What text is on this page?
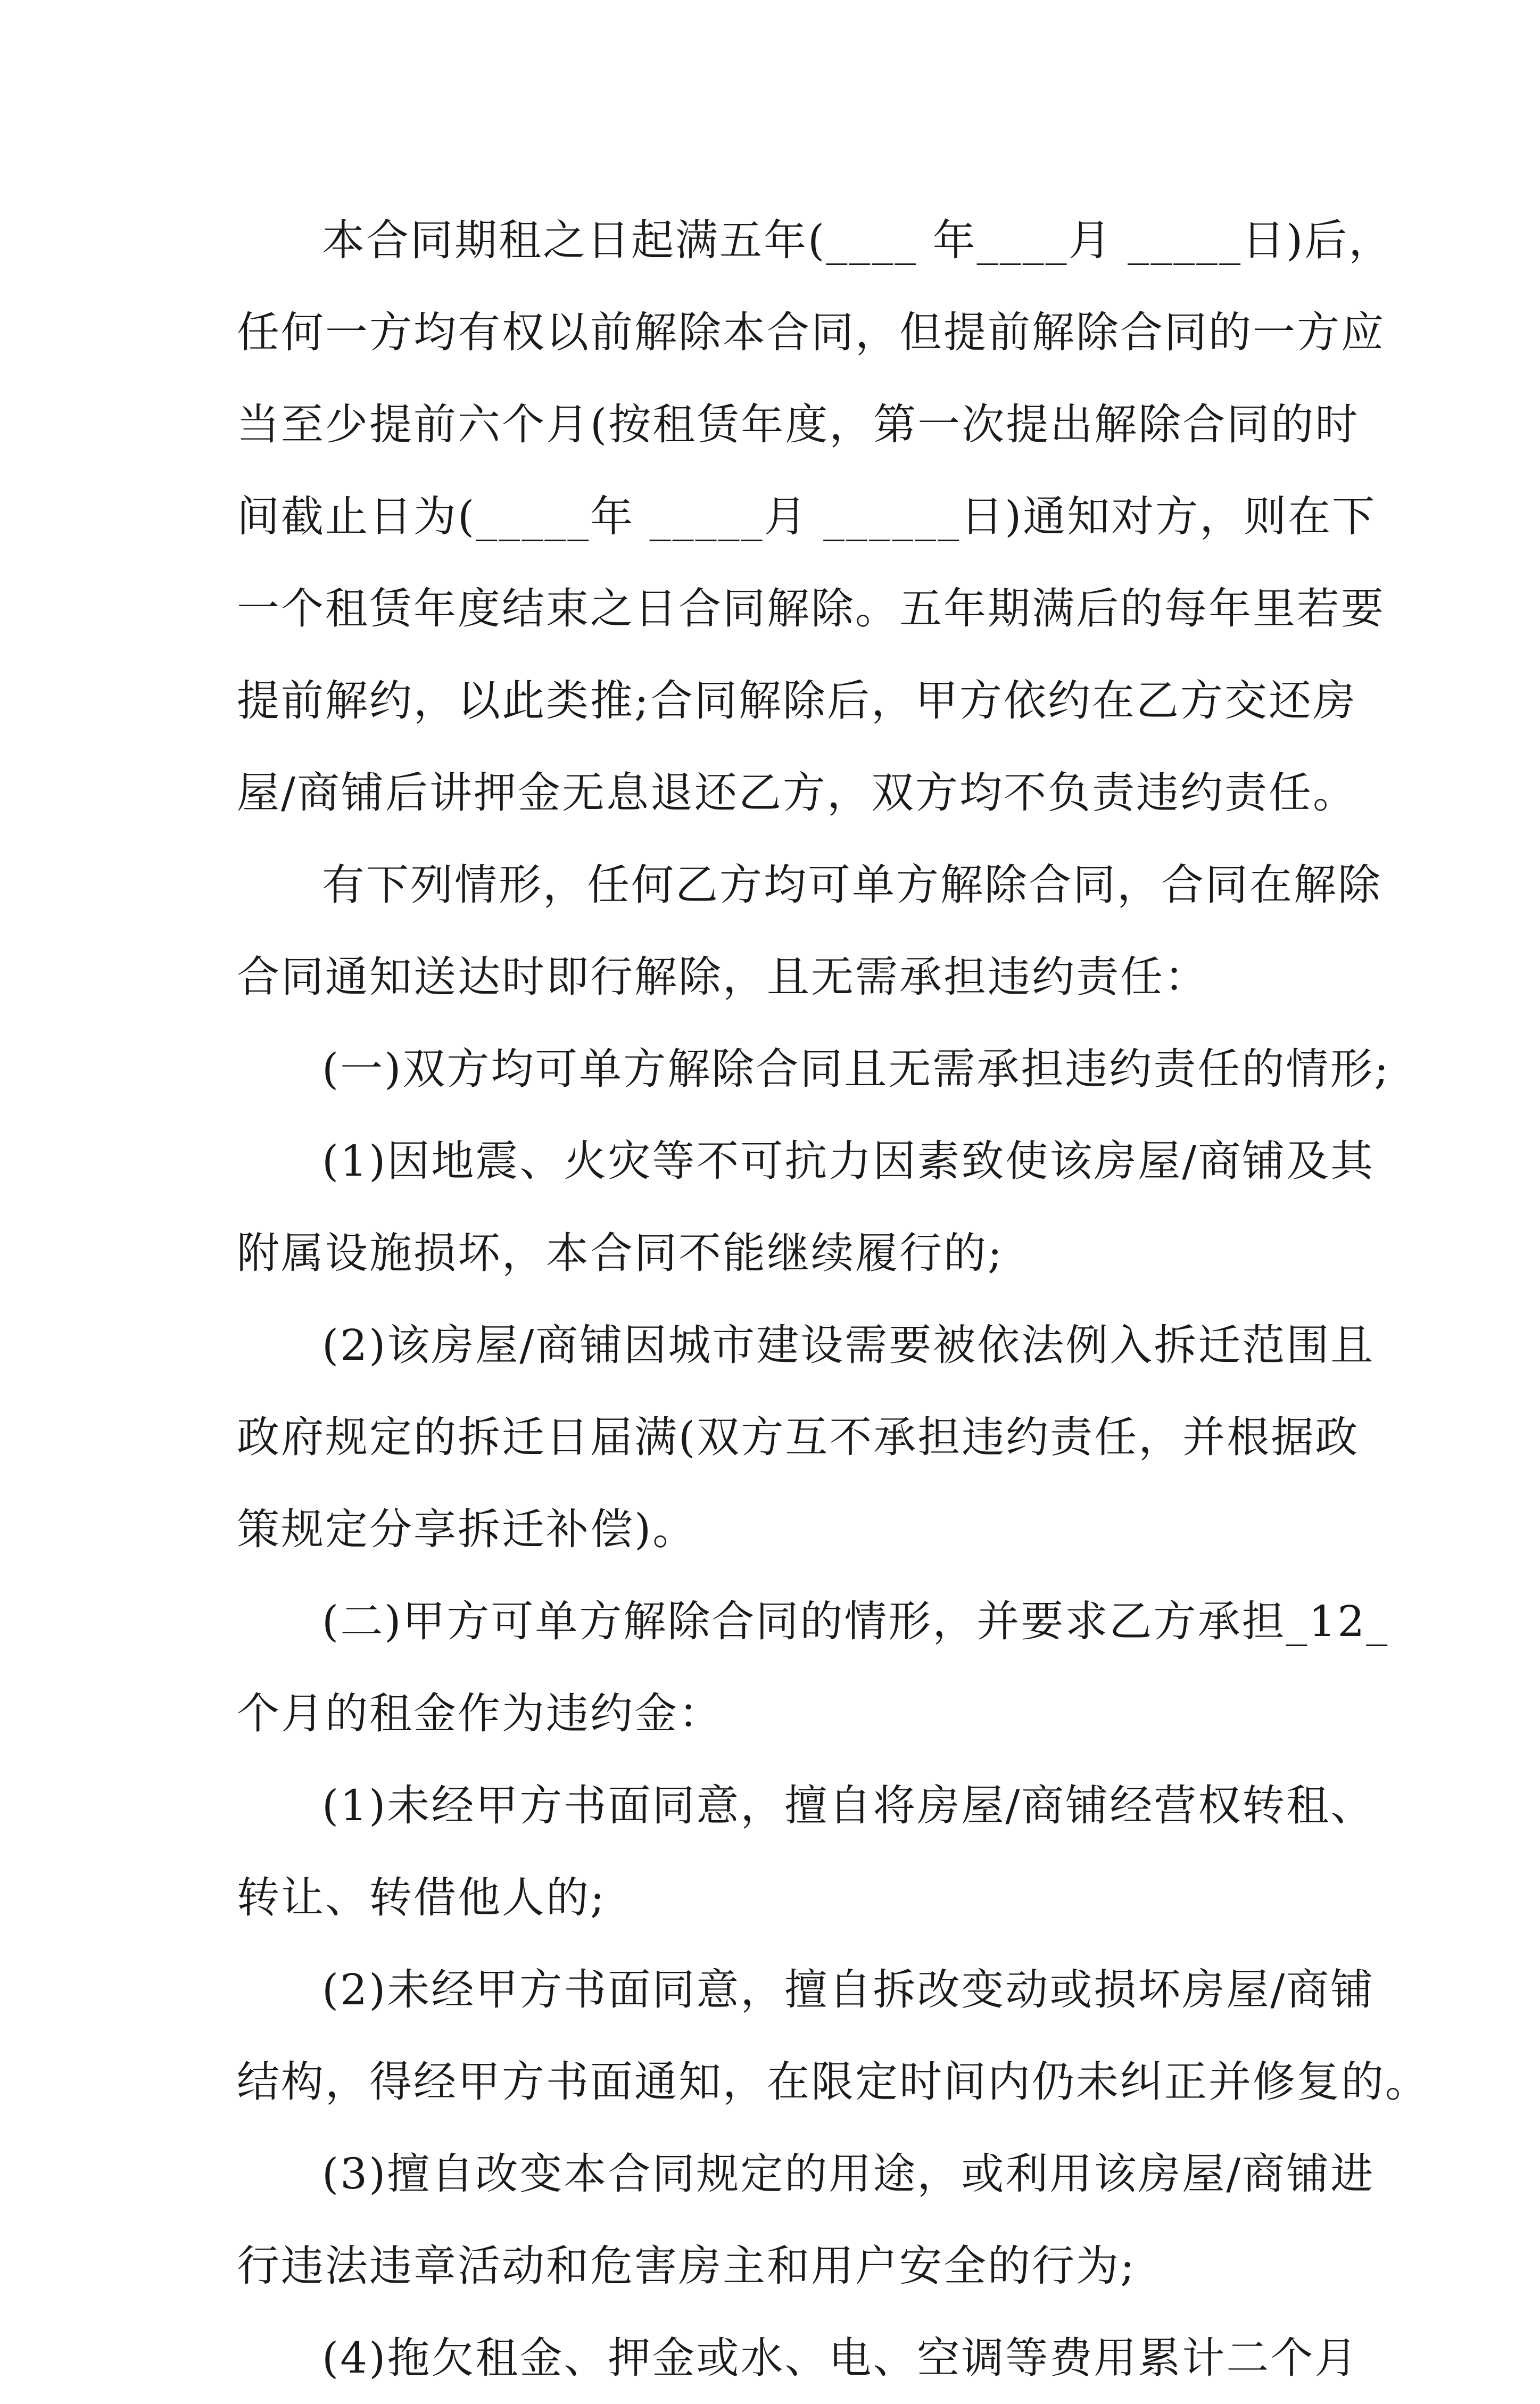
本合同期租之日起满五年(____ 年____月 _____日)后，
任何一方均有权以前解除本合同，但提前解除合同的一方应
当至少提前六个月(按租赁年度，第一次提出解除合同的时
间截止日为(_____年 _____月 ______日)通知对方，则在下
一个租赁年度结束之日合同解除。五年期满后的每年里若要
提前解约，以此类推;合同解除后，甲方依约在乙方交还房
屋/商铺后讲押金无息退还乙方，双方均不负责违约责任。
有下列情形，任何乙方均可单方解除合同，合同在解除
合同通知送达时即行解除，且无需承担违约责任：
(一)双方均可单方解除合同且无需承担违约责任的情形;
(1)因地震、火灾等不可抗力因素致使该房屋/商铺及其
附属设施损坏，本合同不能继续履行的;
(2)该房屋/商铺因城市建设需要被依法例入拆迁范围且
政府规定的拆迁日届满(双方互不承担违约责任，并根据政
策规定分享拆迁补偿)。
(二)甲方可单方解除合同的情形，并要求乙方承担_12_
个月的租金作为违约金：
(1)未经甲方书面同意，擅自将房屋/商铺经营权转租、
转让、转借他人的;
(2)未经甲方书面同意，擅自拆改变动或损坏房屋/商铺
结构，得经甲方书面通知，在限定时间内仍未纠正并修复的。
(3)擅自改变本合同规定的用途，或利用该房屋/商铺进
行违法违章活动和危害房主和用户安全的行为;
(4)拖欠租金、押金或水、电、空调等费用累计二个月
